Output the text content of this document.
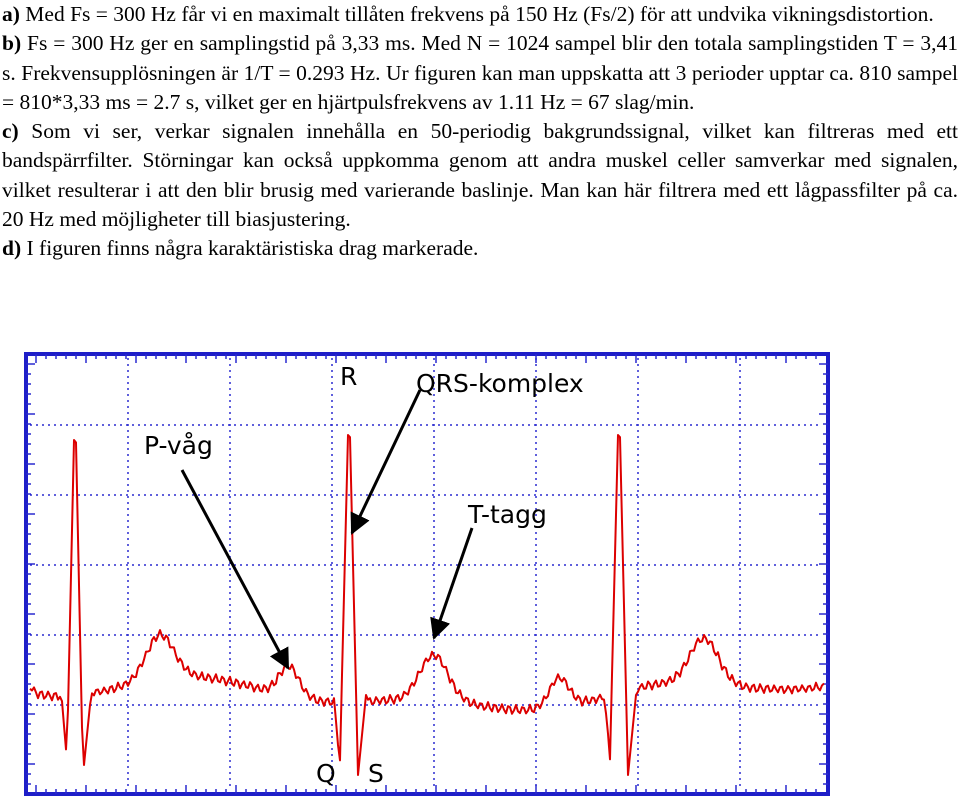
a) Med Fs = 300 Hz får vi en maximalt tillåten frekvens på 150 Hz (Fs/2) för att undvika vikningsdistortion.

b) Fs = 300 Hz ger en samplingstid på 3,33 ms. Med N = 1024 sampel blir den totala samplingstiden T = 3,41 s. Frekvensupplösningen är 1/T = 0.293 Hz. Ur figuren kan man uppskatta att 3 perioder upptar ca. 810 sampel = 810*3,33 ms = 2.7 s, vilket ger en hjärtpulsfrekvens av 1.11 Hz = 67 slag/min.

c) Som vi ser, verkar signalen innehålla en 50-periodig bakgrundssignal, vilket kan filtreras med ett bandspärrfilter. Störningar kan också uppkomma genom att andra muskel celler samverkar med signalen, vilket resulterar i att den blir brusig med varierande baslinje. Man kan här filtrera med ett lågpassfilter på ca. 20 Hz med möjligheter till biasjustering.

d) I figuren finns några karaktäristiska drag markerade.

R QRS-komplex
P-våg
T-tagg
Q S
